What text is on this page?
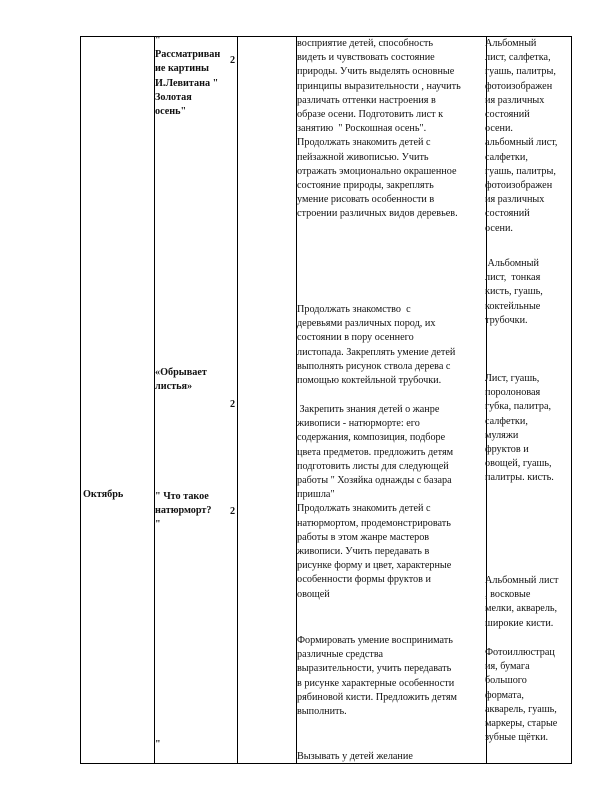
Октябрь
"
Рассматриван
ие картины
И.Левитана "
Золотая
осень"
«Обрывает
листья»
" Что такое
натюрморт?
"
"
2
2
2
восприятие детей, способность
видеть и чувствовать состояние
природы. Учить выделять основные
принципы выразительности , научить
различать оттенки настроения в
образе осени. Подготовить лист к
занятию  " Роскошная осень".
Продолжать знакомить детей с
пейзажной живописью. Учить
отражать эмоционально окрашенное
состояние природы, закреплять
умение рисовать особенности в
строении различных видов деревьев.
Продолжать знакомство  с
деревьями различных пород, их
состоянии в пору осеннего
листопада. Закреплять умение детей
выполнять рисунок ствола дерева с
помощью коктейльной трубочки.
Закрепить знания детей о жанре
живописи - натюрморте: его
содержания, композиция, подборе
цвета предметов. предложить детям
подготовить листы для следующей
работы " Хозяйка однажды с базара
пришла"
Продолжать знакомить детей с
натюрмортом, продемонстрировать
работы в этом жанре мастеров
живописи. Учить передавать в
рисунке форму и цвет, характерные
особенности формы фруктов и
овощей
Формировать умение воспринимать
различные средства
выразительности, учить передавать
в рисунке характерные особенности
рябиновой кисти. Предложить детям
выполнить.
Вызывать у детей желание
Альбомный
лист, салфетка,
гуашь, палитры,
фотоизображен
ия различных
состояний
осени.
альбомный лист,
салфетки,
гуашь, палитры,
фотоизображен
ия различных
состояний
осени.
Альбомный
лист,  тонкая
кисть, гуашь,
коктейльные
трубочки.
Лист, гуашь,
поролоновая
губка, палитра,
салфетки,
муляжи
фруктов и
овощей, гуашь,
палитры. кисть.
Альбомный лист
, восковые
мелки, акварель,
широкие кисти.
Фотоиллюстрац
ия, бумага
большого
формата,
акварель, гуашь,
маркеры, старые
зубные щётки.
